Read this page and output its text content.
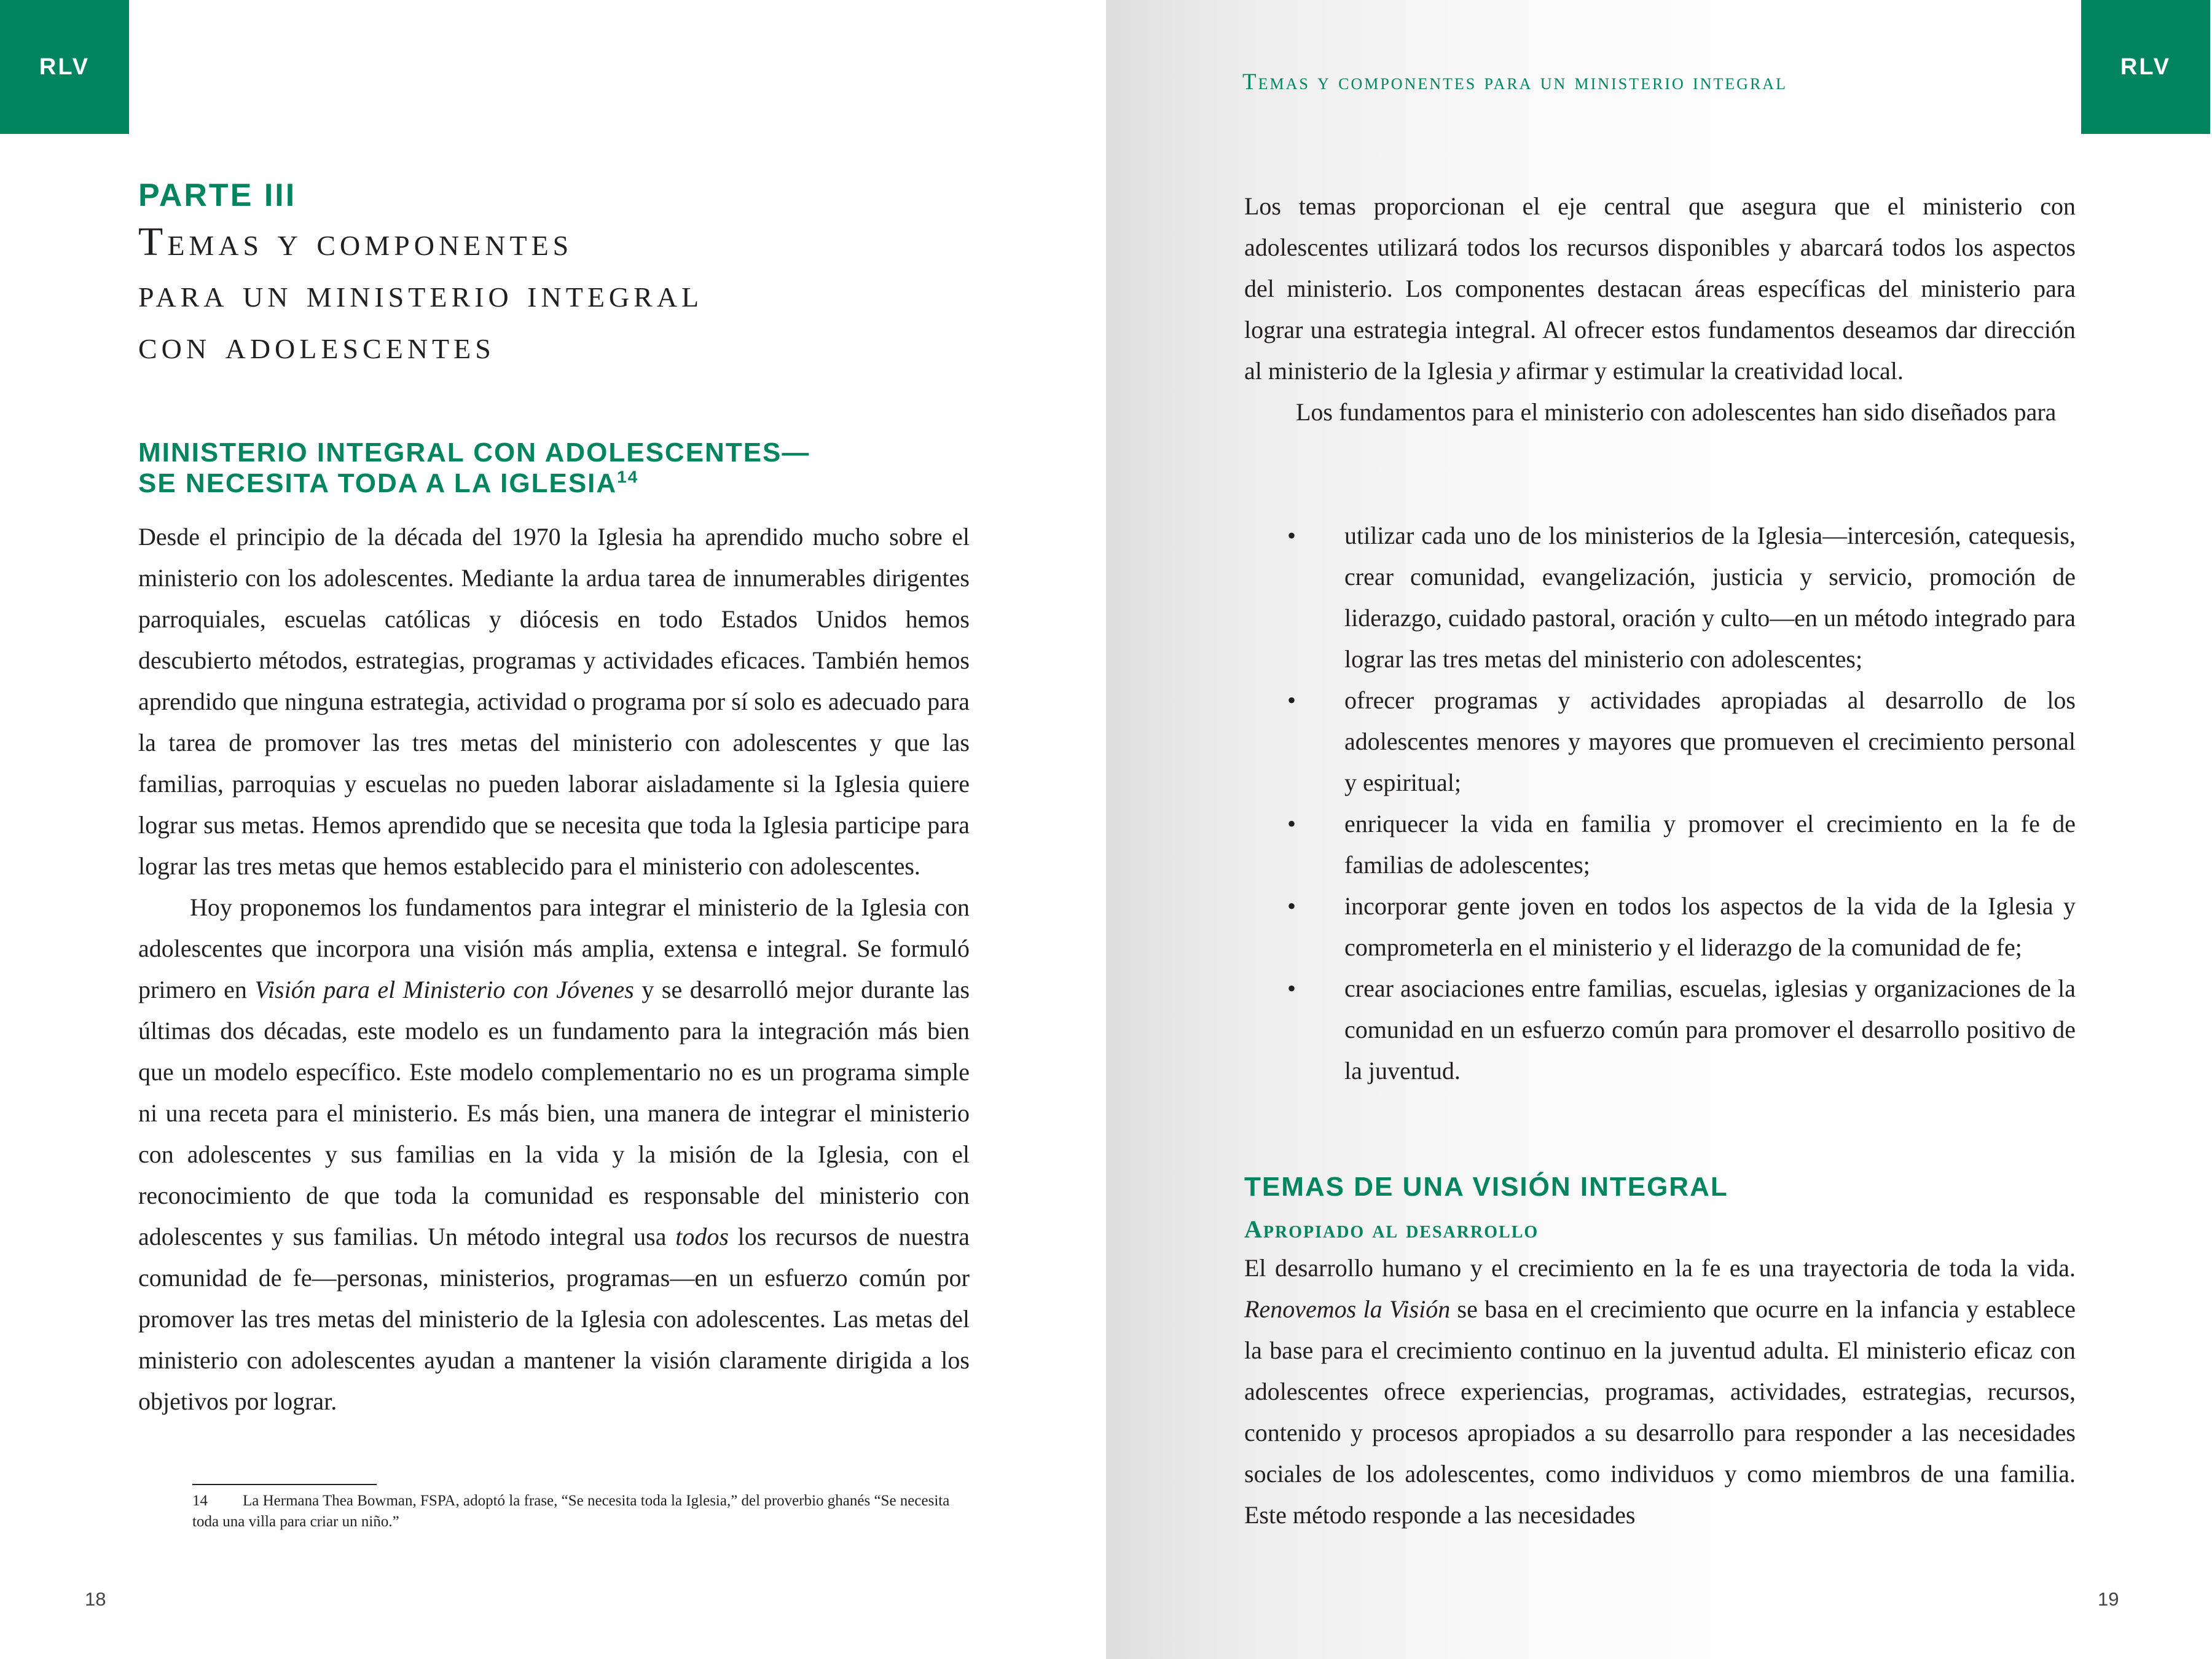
RLV
PARTE III
Temas y componentes
para un ministerio integral
con adolescentes
MINISTERIO INTEGRAL CON ADOLESCENTES—
SE NECESITA TODA A LA IGLESIA$^{14}$

Desde el principio de la década del 1970 la Iglesia ha aprendido mucho sobre el ministerio con los adolescentes. Mediante la ardua tarea de innumerables dirigentes parroquiales, escuelas católicas y diócesis en todo Estados Unidos hemos descubierto métodos, estrategias, programas y actividades eficaces. También hemos aprendido que ninguna estrategia, actividad o programa por sí solo es adecuado para la tarea de promover las tres metas del ministerio con adolescentes y que las familias, parroquias y escuelas no pueden laborar aisladamente si la Iglesia quiere lograr sus metas. Hemos aprendido que se necesita que toda la Iglesia participe para lograr las tres metas que hemos establecido para el ministerio con adolescentes.

Hoy proponemos los fundamentos para integrar el ministerio de la Iglesia con adolescentes que incorpora una visión más amplia, extensa e integral. Se formuló primero en Visión para el Ministerio con Jóvenes y se desarrolló mejor durante las últimas dos décadas, este modelo es un fundamento para la integración más bien que un modelo específico. Este modelo complementario no es un programa simple ni una receta para el ministerio. Es más bien, una manera de integrar el ministerio con adolescentes y sus familias en la vida y la misión de la Iglesia, con el reconocimiento de que toda la comunidad es responsable del ministerio con adolescentes y sus familias. Un método integral usa todos los recursos de nuestra comunidad de fe—personas, ministerios, programas—en un esfuerzo común por promover las tres metas del ministerio de la Iglesia con adolescentes. Las metas del ministerio con adolescentes ayudan a mantener la visión claramente dirigida a los objetivos por lograr.

14 La Hermana Thea Bowman, FSPA, adoptó la frase, “Se necesita toda la Iglesia,” del proverbio ghanés “Se necesita toda una villa para criar un niño.”

18
Temas y componentes para un ministerio integral
RLV

Los temas proporcionan el eje central que asegura que el ministerio con adolescentes utilizará todos los recursos disponibles y abarcará todos los aspectos del ministerio. Los componentes destacan áreas específicas del ministerio para lograr una estrategia integral. Al ofrecer estos fundamentos deseamos dar dirección al ministerio de la Iglesia y afirmar y estimular la creatividad local.

Los fundamentos para el ministerio con adolescentes han sido diseñados para

• utilizar cada uno de los ministerios de la Iglesia—intercesión, catequesis, crear comunidad, evangelización, justicia y servicio, promoción de liderazgo, cuidado pastoral, oración y culto—en un método integrado para lograr las tres metas del ministerio con adolescentes;
• ofrecer programas y actividades apropiadas al desarrollo de los adolescentes menores y mayores que promueven el crecimiento personal y espiritual;
• enriquecer la vida en familia y promover el crecimiento en la fe de familias de adolescentes;
• incorporar gente joven en todos los aspectos de la vida de la Iglesia y comprometerla en el ministerio y el liderazgo de la comunidad de fe;
• crear asociaciones entre familias, escuelas, iglesias y organizaciones de la comunidad en un esfuerzo común para promover el desarrollo positivo de la juventud.
TEMAS DE UNA VISIÓN INTEGRAL
Apropiado al desarrollo

El desarrollo humano y el crecimiento en la fe es una trayectoria de toda la vida. Renovemos la Visión se basa en el crecimiento que ocurre en la infancia y establece la base para el crecimiento continuo en la juventud adulta. El ministerio eficaz con adolescentes ofrece experiencias, programas, actividades, estrategias, recursos, contenido y procesos apropiados a su desarrollo para responder a las necesidades sociales de los adolescentes, como individuos y como miembros de una familia. Este método responde a las necesidades

19
